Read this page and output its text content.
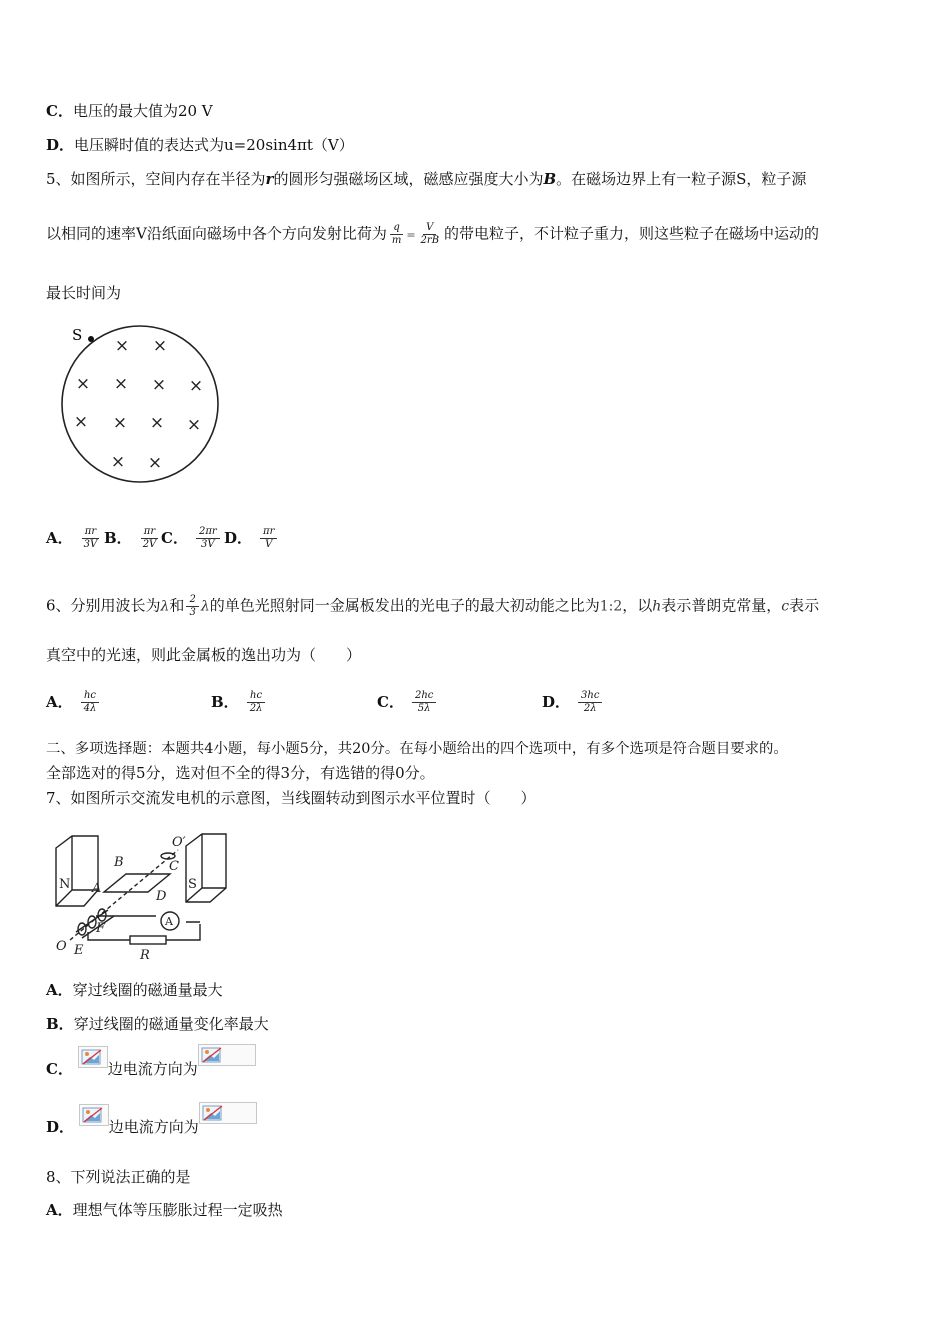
C．电压的最大值为20 V
D．电压瞬时值的表达式为u=20sin4πt（V）
5、如图所示，空间内存在半径为r的圆形匀强磁场区域，磁感应强度大小为B。在磁场边界上有一粒子源S，粒子源
以相同的速率V沿纸面向磁场中各个方向发射比荷为 $\frac{q}{m} = \frac{V}{2rB}$ 的带电粒子，不计粒子重力，则这些粒子在磁场中运动的
最长时间为
S
× ×
× × × ×
× × × ×
× ×
A． $\frac{\pi r}{3V}$ B． $\frac{\pi r}{2V}$ C． $\frac{2\pi r}{3V}$ D． $\frac{\pi r}{V}$
6、分别用波长为λ和 $\frac{2}{3}$ λ的单色光照射同一金属板发出的光电子的最大初动能之比为1:2，以h表示普朗克常量，c表示
真空中的光速，则此金属板的逸出功为（　　）
A． $\frac{hc}{4\lambda}$	B． $\frac{hc}{2\lambda}$	C． $\frac{2hc}{5\lambda}$	D． $\frac{3hc}{2\lambda}$
二、多项选择题：本题共4小题，每小题5分，共20分。在每小题给出的四个选项中，有多个选项是符合题目要求的。
全部选对的得5分，选对但不全的得3分，有选错的得0分。
7、如图所示交流发电机的示意图，当线圈转动到图示水平位置时（　　）
N	S
B	C
O′
A
D
F
O E	R
A
A．穿过线圈的磁通量最大
B．穿过线圈的磁通量变化率最大
C． 边电流方向为
D． 边电流方向为
8、下列说法正确的是
A．理想气体等压膨胀过程一定吸热
